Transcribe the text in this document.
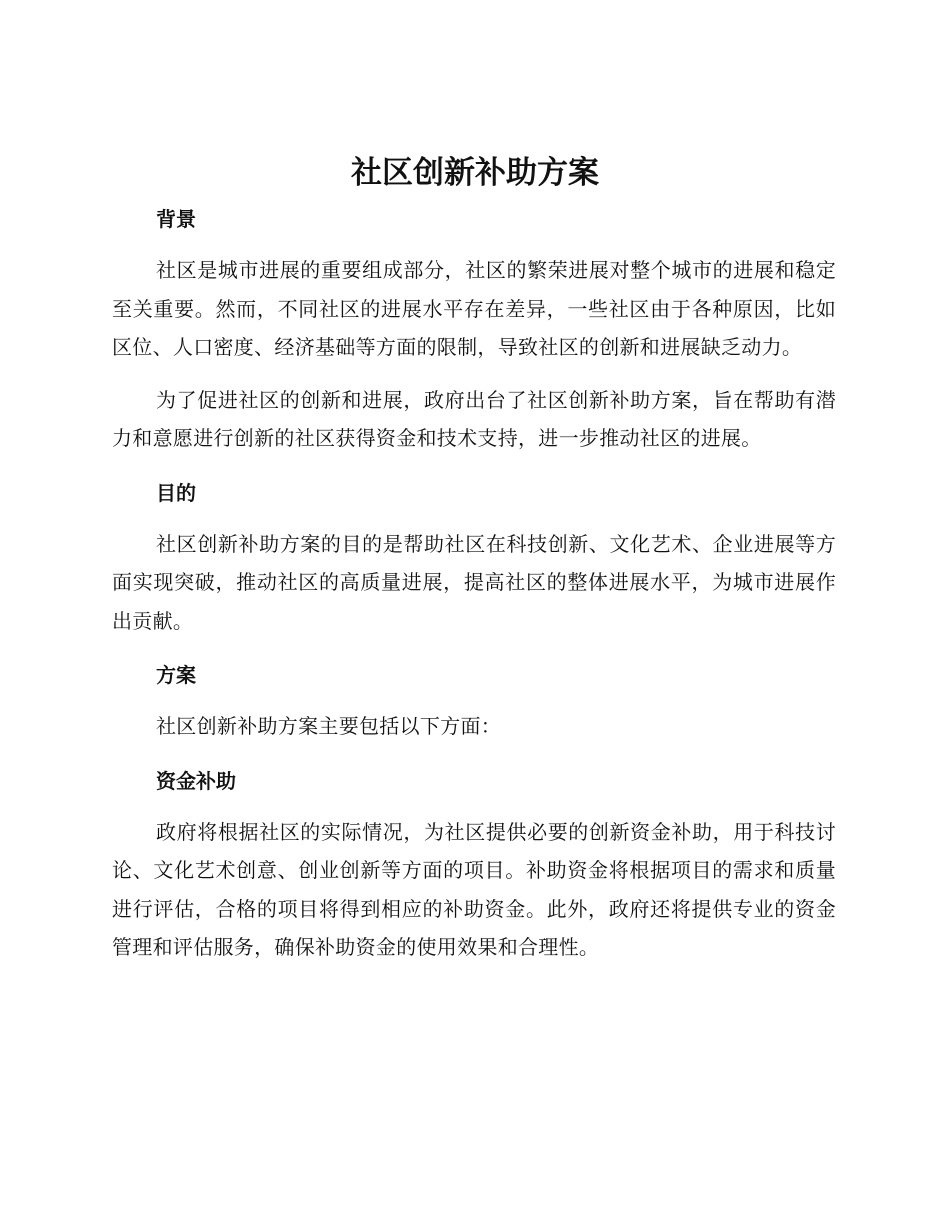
社区创新补助方案
背景

社区是城市进展的重要组成部分，社区的繁荣进展对整个城市的进展和稳定至关重要。然而，不同社区的进展水平存在差异，一些社区由于各种原因，比如区位、人口密度、经济基础等方面的限制，导致社区的创新和进展缺乏动力。

为了促进社区的创新和进展，政府出台了社区创新补助方案，旨在帮助有潜力和意愿进行创新的社区获得资金和技术支持，进一步推动社区的进展。

目的

社区创新补助方案的目的是帮助社区在科技创新、文化艺术、企业进展等方面实现突破，推动社区的高质量进展，提高社区的整体进展水平，为城市进展作出贡献。

方案

社区创新补助方案主要包括以下方面：

资金补助

政府将根据社区的实际情况，为社区提供必要的创新资金补助，用于科技讨论、文化艺术创意、创业创新等方面的项目。补助资金将根据项目的需求和质量进行评估，合格的项目将得到相应的补助资金。此外，政府还将提供专业的资金管理和评估服务，确保补助资金的使用效果和合理性。
